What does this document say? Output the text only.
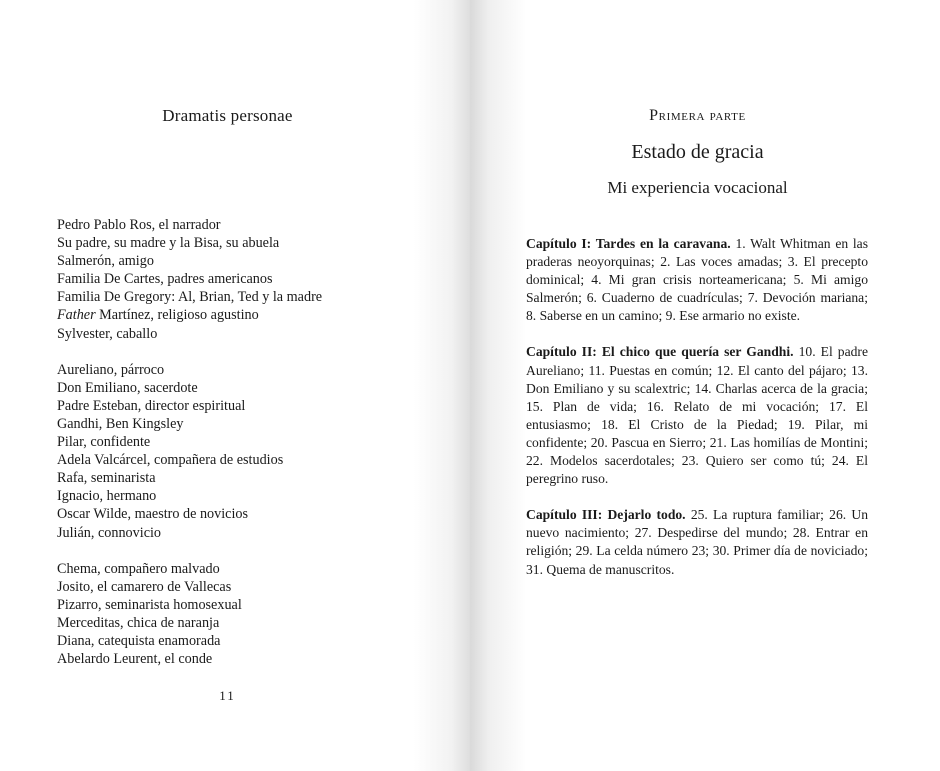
Dramatis personae
Pedro Pablo Ros, el narrador
Su padre, su madre y la Bisa, su abuela
Salmerón, amigo
Familia De Cartes, padres americanos
Familia De Gregory: Al, Brian, Ted y la madre
Father Martínez, religioso agustino
Sylvester, caballo
Aureliano, párroco
Don Emiliano, sacerdote
Padre Esteban, director espiritual
Gandhi, Ben Kingsley
Pilar, confidente
Adela Valcárcel, compañera de estudios
Rafa, seminarista
Ignacio, hermano
Oscar Wilde, maestro de novicios
Julián, connovicio
Chema, compañero malvado
Josito, el camarero de Vallecas
Pizarro, seminarista homosexual
Merceditas, chica de naranja
Diana, catequista enamorada
Abelardo Leurent, el conde
11
Primera parte
Estado de gracia
Mi experiencia vocacional

Capítulo I: Tardes en la caravana. 1. Walt Whitman en las praderas neoyorquinas; 2. Las voces amadas; 3. El precepto dominical; 4. Mi gran crisis norteamericana; 5. Mi amigo Salmerón; 6. Cuaderno de cuadrículas; 7. Devoción mariana; 8. Saberse en un camino; 9. Ese armario no existe.

Capítulo II: El chico que quería ser Gandhi. 10. El padre Aureliano; 11. Puestas en común; 12. El canto del pájaro; 13. Don Emiliano y su scalextric; 14. Charlas acerca de la gracia; 15. Plan de vida; 16. Relato de mi vocación; 17. El entusiasmo; 18. El Cristo de la Piedad; 19. Pilar, mi confidente; 20. Pascua en Sierro; 21. Las homilías de Montini; 22. Modelos sacerdotales; 23. Quiero ser como tú; 24. El peregrino ruso.

Capítulo III: Dejarlo todo. 25. La ruptura familiar; 26. Un nuevo nacimiento; 27. Despedirse del mundo; 28. Entrar en religión; 29. La celda número 23; 30. Primer día de noviciado; 31. Quema de manuscritos.
